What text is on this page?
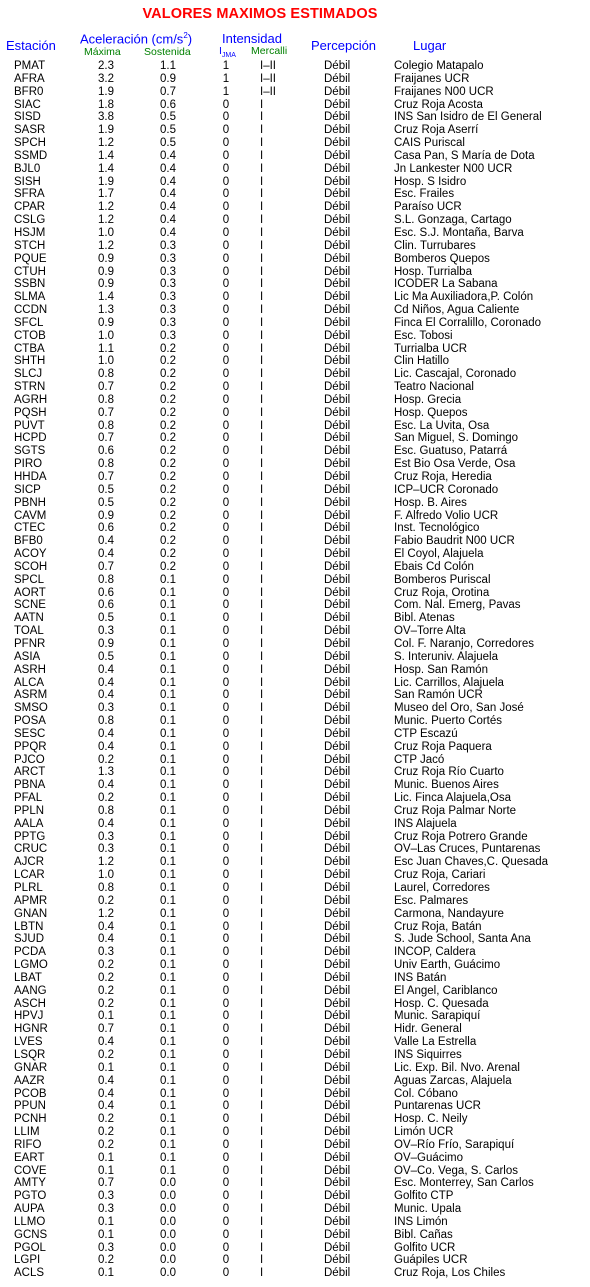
VALORES MAXIMOS ESTIMADOS
Estación Aceleración $(cm/s^2)$
Máxima Sostenida
Intensidad
$I_{JMA}$ Mercalli Percepción	Lugar
PMAT	2.3	1.1	1	I–II	Débil	Colegio Matapalo
AFRA	3.2	0.9	1	I–II	Débil	Fraijanes UCR
BFR0	1.9	0.7	1	I–II	Débil	Fraijanes N00 UCR
SIAC	1.8	0.6	0	I	Débil	Cruz Roja Acosta
SISD	3.8	0.5	0	I	Débil	INS San Isidro de El General
SASR	1.9	0.5	0	I	Débil	Cruz Roja Aserrí
SPCH	1.2	0.5	0	I	Débil	CAIS Puriscal
SSMD	1.4	0.4	0	I	Débil	Casa Pan, S María de Dota
BJL0	1.4	0.4	0	I	Débil	Jn Lankester N00 UCR
SISH	1.9	0.4	0	I	Débil	Hosp. S Isidro
SFRA	1.7	0.4	0	I	Débil	Esc. Frailes
CPAR	1.2	0.4	0	I	Débil	Paraíso UCR
CSLG	1.2	0.4	0	I	Débil	S.L. Gonzaga, Cartago
HSJM	1.0	0.4	0	I	Débil	Esc. S.J. Montaña, Barva
STCH	1.2	0.3	0	I	Débil	Clin. Turrubares
PQUE	0.9	0.3	0	I	Débil	Bomberos Quepos
CTUH	0.9	0.3	0	I	Débil	Hosp. Turrialba
SSBN	0.9	0.3	0	I	Débil	ICODER La Sabana
SLMA	1.4	0.3	0	I	Débil	Lic Ma Auxiliadora,P. Colón
CCDN	1.3	0.3	0	I	Débil	Cd Niños, Agua Caliente
SFCL	0.9	0.3	0	I	Débil	Finca El Corralillo, Coronado
CTOB	1.0	0.3	0	I	Débil	Esc. Tobosi
CTBA	1.1	0.2	0	I	Débil	Turrialba UCR
SHTH	1.0	0.2	0	I	Débil	Clin Hatillo
SLCJ	0.8	0.2	0	I	Débil	Lic. Cascajal, Coronado
STRN	0.7	0.2	0	I	Débil	Teatro Nacional
AGRH	0.8	0.2	0	I	Débil	Hosp. Grecia
PQSH	0.7	0.2	0	I	Débil	Hosp. Quepos
PUVT	0.8	0.2	0	I	Débil	Esc. La Uvita, Osa
HCPD	0.7	0.2	0	I	Débil	San Miguel, S. Domingo
SGTS	0.6	0.2	0	I	Débil	Esc. Guatuso, Patarrá
PIRO	0.8	0.2	0	I	Débil	Est Bio Osa Verde, Osa
HHDA	0.7	0.2	0	I	Débil	Cruz Roja, Heredia
SICP	0.5	0.2	0	I	Débil	ICP–UCR Coronado
PBNH	0.5	0.2	0	I	Débil	Hosp. B. Aires
CAVM	0.9	0.2	0	I	Débil	F. Alfredo Volio UCR
CTEC	0.6	0.2	0	I	Débil	Inst. Tecnológico
BFB0	0.4	0.2	0	I	Débil	Fabio Baudrit N00 UCR
ACOY	0.4	0.2	0	I	Débil	El Coyol, Alajuela
SCOH	0.7	0.2	0	I	Débil	Ebais Cd Colón
SPCL	0.8	0.1	0	I	Débil	Bomberos Puriscal
AORT	0.6	0.1	0	I	Débil	Cruz Roja, Orotina
SCNE	0.6	0.1	0	I	Débil	Com. Nal. Emerg, Pavas
AATN	0.5	0.1	0	I	Débil	Bibl. Atenas
TOAL	0.3	0.1	0	I	Débil	OV–Torre Alta
PFNR	0.9	0.1	0	I	Débil	Col. F. Naranjo, Corredores
ASIA	0.5	0.1	0	I	Débil	S. Interuniv. Alajuela
ASRH	0.4	0.1	0	I	Débil	Hosp. San Ramón
ALCA	0.4	0.1	0	I	Débil	Lic. Carrillos, Alajuela
ASRM	0.4	0.1	0	I	Débil	San Ramón UCR
SMSO	0.3	0.1	0	I	Débil	Museo del Oro, San José
POSA	0.8	0.1	0	I	Débil	Munic. Puerto Cortés
SESC	0.4	0.1	0	I	Débil	CTP Escazú
PPQR	0.4	0.1	0	I	Débil	Cruz Roja Paquera
PJCO	0.2	0.1	0	I	Débil	CTP Jacó
ARCT	1.3	0.1	0	I	Débil	Cruz Roja Río Cuarto
PBNA	0.4	0.1	0	I	Débil	Munic. Buenos Aires
PFAL	0.2	0.1	0	I	Débil	Lic. Finca Alajuela,Osa
PPLN	0.8	0.1	0	I	Débil	Cruz Roja Palmar Norte
AALA	0.4	0.1	0	I	Débil	INS Alajuela
PPTG	0.3	0.1	0	I	Débil	Cruz Roja Potrero Grande
CRUC	0.3	0.1	0	I	Débil	OV–Las Cruces, Puntarenas
AJCR	1.2	0.1	0	I	Débil	Esc Juan Chaves,C. Quesada
LCAR	1.0	0.1	0	I	Débil	Cruz Roja, Cariari
PLRL	0.8	0.1	0	I	Débil	Laurel, Corredores
APMR	0.2	0.1	0	I	Débil	Esc. Palmares
GNAN	1.2	0.1	0	I	Débil	Carmona, Nandayure
LBTN	0.4	0.1	0	I	Débil	Cruz Roja, Batán
SJUD	0.4	0.1	0	I	Débil	S. Jude School, Santa Ana
PCDA	0.3	0.1	0	I	Débil	INCOP, Caldera
LGMO	0.2	0.1	0	I	Débil	Univ Earth, Guácimo
LBAT	0.2	0.1	0	I	Débil	INS Batán
AANG	0.2	0.1	0	I	Débil	El Angel, Cariblanco
ASCH	0.2	0.1	0	I	Débil	Hosp. C. Quesada
HPVJ	0.1	0.1	0	I	Débil	Munic. Sarapiquí
HGNR	0.7	0.1	0	I	Débil	Hidr. General
LVES	0.4	0.1	0	I	Débil	Valle La Estrella
LSQR	0.2	0.1	0	I	Débil	INS Siquirres
GNAR	0.1	0.1	0	I	Débil	Lic. Exp. Bil. Nvo. Arenal
AAZR	0.4	0.1	0	I	Débil	Aguas Zarcas, Alajuela
PCOB	0.4	0.1	0	I	Débil	Col. Cóbano
PPUN	0.4	0.1	0	I	Débil	Puntarenas UCR
PCNH	0.2	0.1	0	I	Débil	Hosp. C. Neily
LLIM	0.2	0.1	0	I	Débil	Limón UCR
RIFO	0.2	0.1	0	I	Débil	OV–Río Frío, Sarapiquí
EART	0.1	0.1	0	I	Débil	OV–Guácimo
COVE	0.1	0.1	0	I	Débil	OV–Co. Vega, S. Carlos
AMTY	0.7	0.0	0	I	Débil	Esc. Monterrey, San Carlos
PGTO	0.3	0.0	0	I	Débil	Golfito CTP
AUPA	0.3	0.0	0	I	Débil	Munic. Upala
LLMO	0.1	0.0	0	I	Débil	INS Limón
GCNS	0.1	0.0	0	I	Débil	Bibl. Cañas
PGOL	0.3	0.0	0	I	Débil	Golfito UCR
LGPI	0.2	0.0	0	I	Débil	Guápiles UCR
ACLS	0.1	0.0	0	I	Débil	Cruz Roja, Los Chiles
